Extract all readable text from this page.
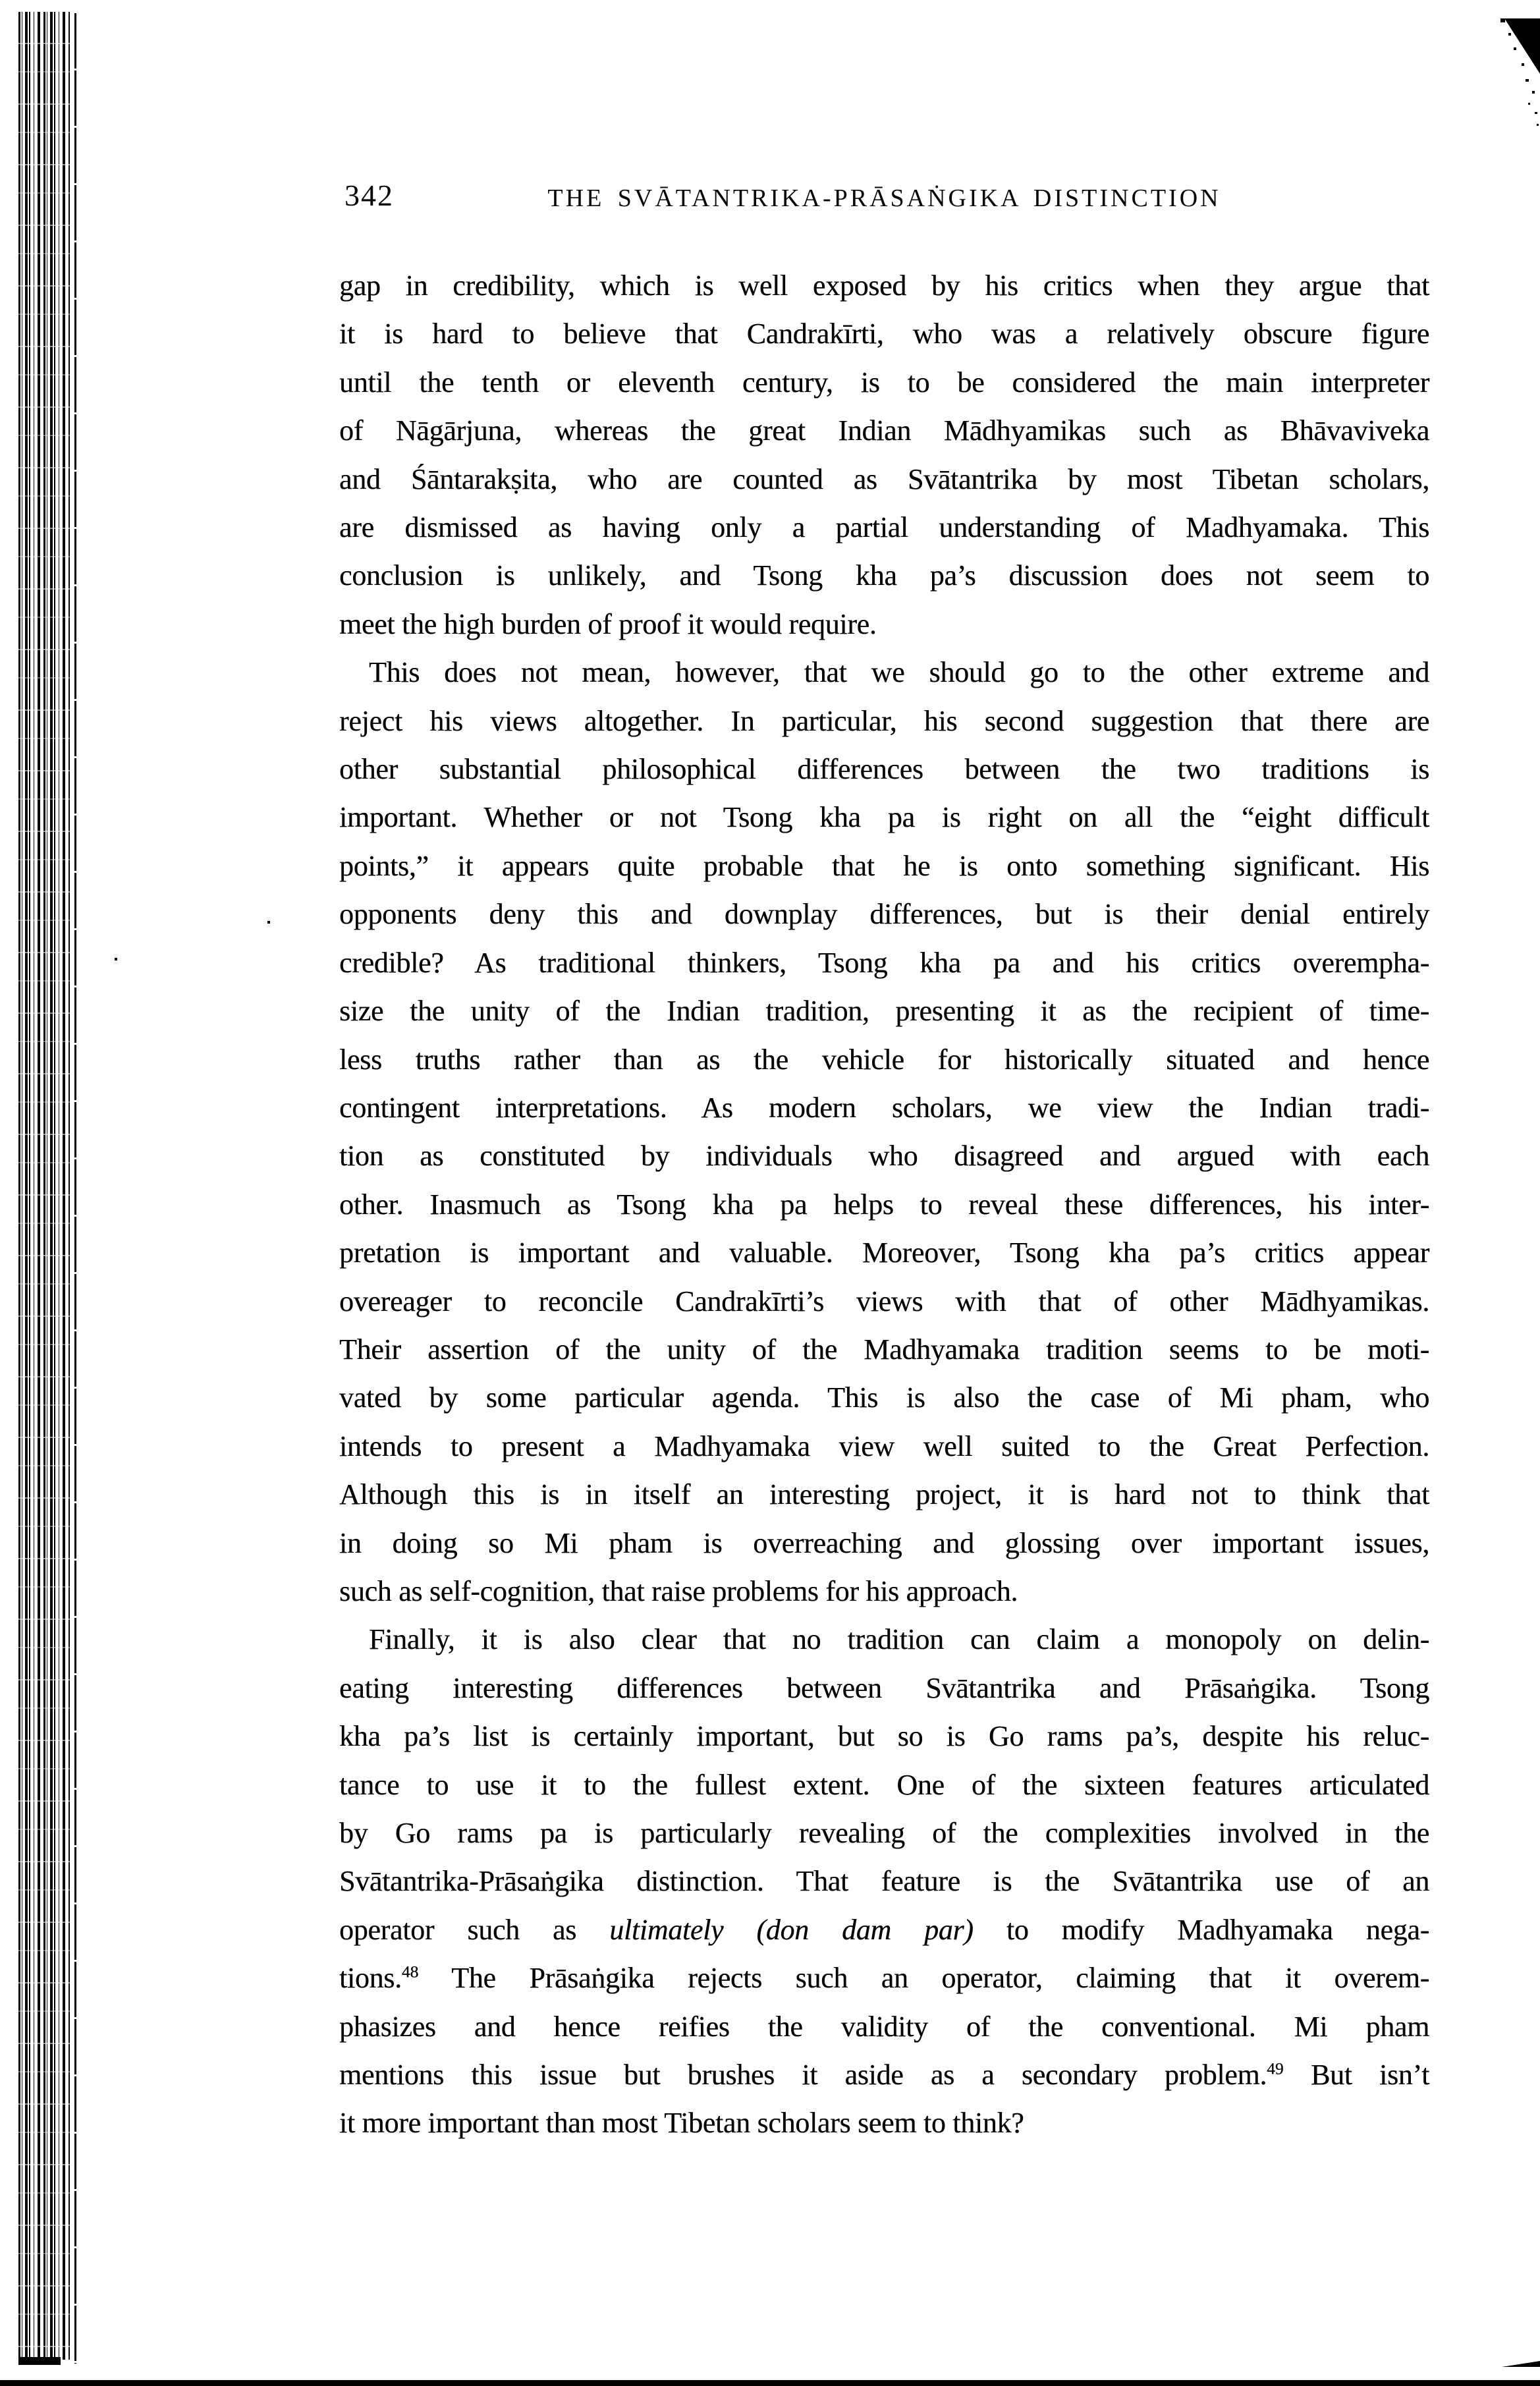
342	THE SVĀTANTRIKA-PRĀSAṄGIKA DISTINCTION
gap in credibility, which is well exposed by his critics when they argue that
it is hard to believe that Candrakīrti, who was a relatively obscure figure
until the tenth or eleventh century, is to be considered the main interpreter
of Nāgārjuna, whereas the great Indian Mādhyamikas such as Bhāvaviveka
and Śāntarakṣita, who are counted as Svātantrika by most Tibetan scholars,
are dismissed as having only a partial understanding of Madhyamaka. This
conclusion is unlikely, and Tsong kha pa’s discussion does not seem to
meet the high burden of proof it would require.
This does not mean, however, that we should go to the other extreme and
reject his views altogether. In particular, his second suggestion that there are
other substantial philosophical differences between the two traditions is
important. Whether or not Tsong kha pa is right on all the “eight difficult
points,” it appears quite probable that he is onto something significant. His
opponents deny this and downplay differences, but is their denial entirely
credible? As traditional thinkers, Tsong kha pa and his critics overempha-
size the unity of the Indian tradition, presenting it as the recipient of time-
less truths rather than as the vehicle for historically situated and hence
contingent interpretations. As modern scholars, we view the Indian tradi-
tion as constituted by individuals who disagreed and argued with each
other. Inasmuch as Tsong kha pa helps to reveal these differences, his inter-
pretation is important and valuable. Moreover, Tsong kha pa’s critics appear
overeager to reconcile Candrakīrti’s views with that of other Mādhyamikas.
Their assertion of the unity of the Madhyamaka tradition seems to be moti-
vated by some particular agenda. This is also the case of Mi pham, who
intends to present a Madhyamaka view well suited to the Great Perfection.
Although this is in itself an interesting project, it is hard not to think that
in doing so Mi pham is overreaching and glossing over important issues,
such as self-cognition, that raise problems for his approach.
Finally, it is also clear that no tradition can claim a monopoly on delin-
eating interesting differences between Svātantrika and Prāsaṅgika. Tsong
kha pa’s list is certainly important, but so is Go rams pa’s, despite his reluc-
tance to use it to the fullest extent. One of the sixteen features articulated
by Go rams pa is particularly revealing of the complexities involved in the
Svātantrika-Prāsaṅgika distinction. That feature is the Svātantrika use of an
operator such as ultimately (don dam par) to modify Madhyamaka nega-
tions.$^{48}$ The Prāsaṅgika rejects such an operator, claiming that it overem-
phasizes and hence reifies the validity of the conventional. Mi pham
mentions this issue but brushes it aside as a secondary problem.$^{49}$ But isn’t
it more important than most Tibetan scholars seem to think?
